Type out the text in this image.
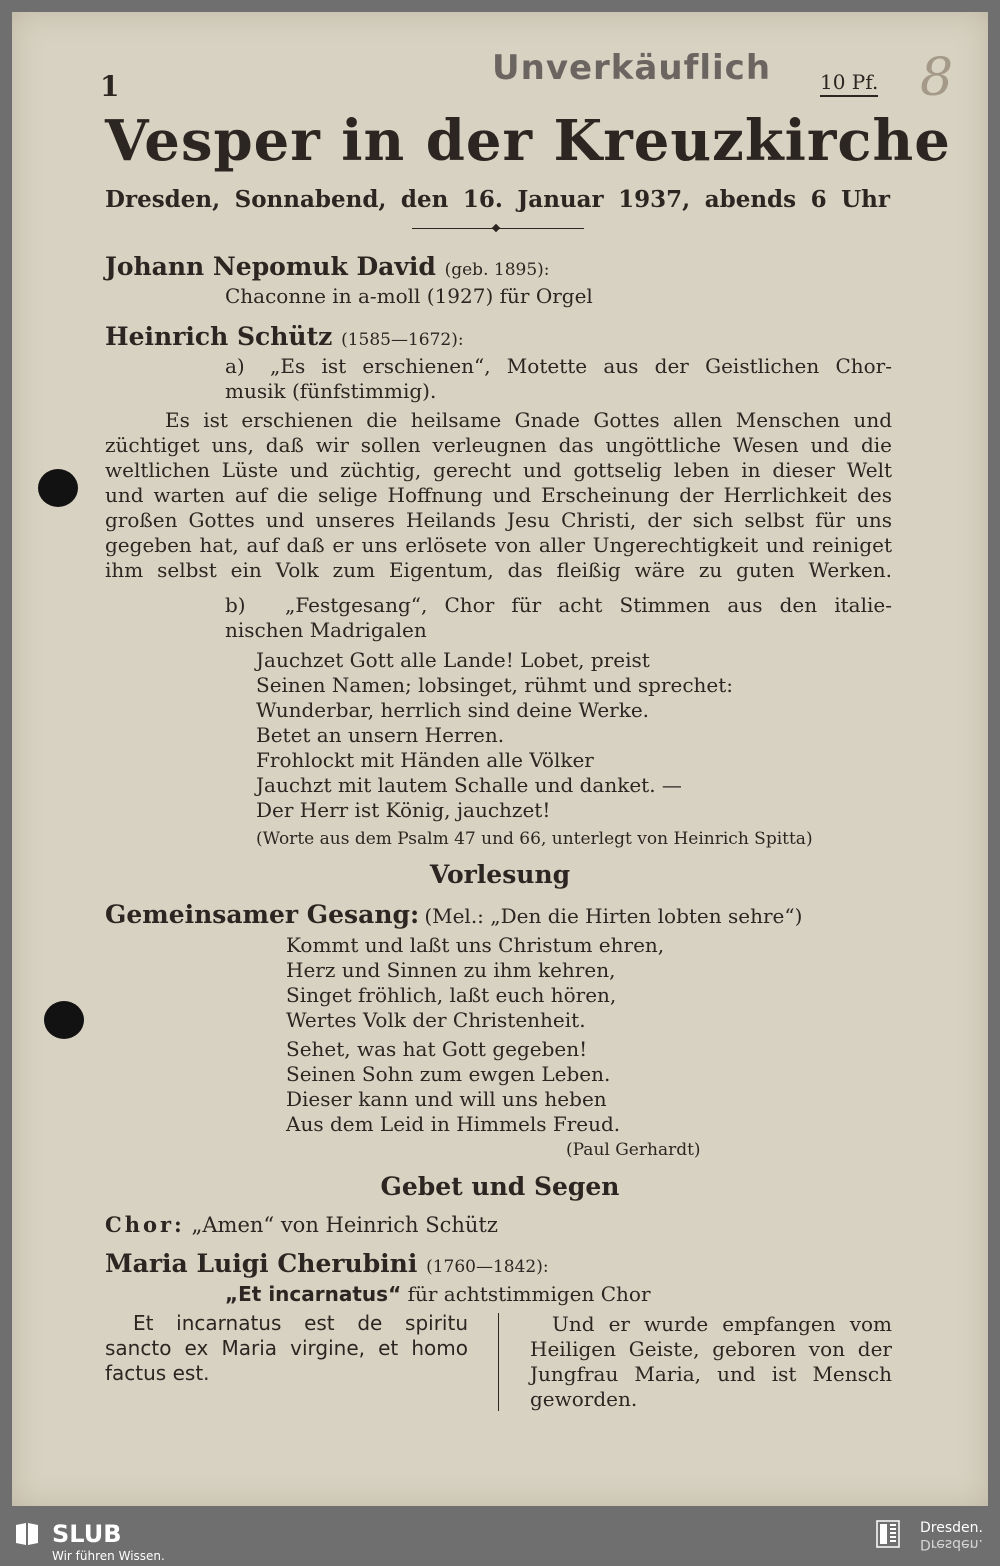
1	Unverkäuflich 10 Pf. 8
Vesper in der Kreuzkirche
Dresden, Sonnabend, den 16. Januar 1937, abends 6 Uhr
Johann Nepomuk David (geb. 1895):
Chaconne in a-moll (1927) für Orgel
Heinrich Schütz (1585—1672):
a) „Es ist erschienen“, Motette aus der Geistlichen Chor-
musik (fünfstimmig).
Es ist erschienen die heilsame Gnade Gottes allen Menschen und
züchtiget uns, daß wir sollen verleugnen das ungöttliche Wesen und die
weltlichen Lüste und züchtig, gerecht und gottselig leben in dieser Welt
und warten auf die selige Hoffnung und Erscheinung der Herrlichkeit des
großen Gottes und unseres Heilands Jesu Christi, der sich selbst für uns
gegeben hat, auf daß er uns erlösete von aller Ungerechtigkeit und reiniget
ihm selbst ein Volk zum Eigentum, das fleißig wäre zu guten Werken.
b) „Festgesang“, Chor für acht Stimmen aus den italie-
nischen Madrigalen
Jauchzet Gott alle Lande! Lobet, preist
Seinen Namen; lobsinget, rühmt und sprechet:
Wunderbar, herrlich sind deine Werke.
Betet an unsern Herren.
Frohlockt mit Händen alle Völker
Jauchzt mit lautem Schalle und danket. —
Der Herr ist König, jauchzet!
(Worte aus dem Psalm 47 und 66, unterlegt von Heinrich Spitta)
Vorlesung
Gemeinsamer Gesang: (Mel.: „Den die Hirten lobten sehre“)
Kommt und laßt uns Christum ehren,
Herz und Sinnen zu ihm kehren,
Singet fröhlich, laßt euch hören,
Wertes Volk der Christenheit.
Sehet, was hat Gott gegeben!
Seinen Sohn zum ewgen Leben.
Dieser kann und will uns heben
Aus dem Leid in Himmels Freud.
(Paul Gerhardt)
Gebet und Segen
Chor: „Amen“ von Heinrich Schütz
Maria Luigi Cherubini (1760—1842):
„Et incarnatus“ für achtstimmigen Chor
Et incarnatus est de spiritu
sancto ex Maria virgine, et homo
factus est.
Und er wurde empfangen vom
Heiligen Geiste, geboren von der
Jungfrau Maria, und ist Mensch
geworden.
SLUB
Wir führen Wissen.
Dresden.
Dresden.
